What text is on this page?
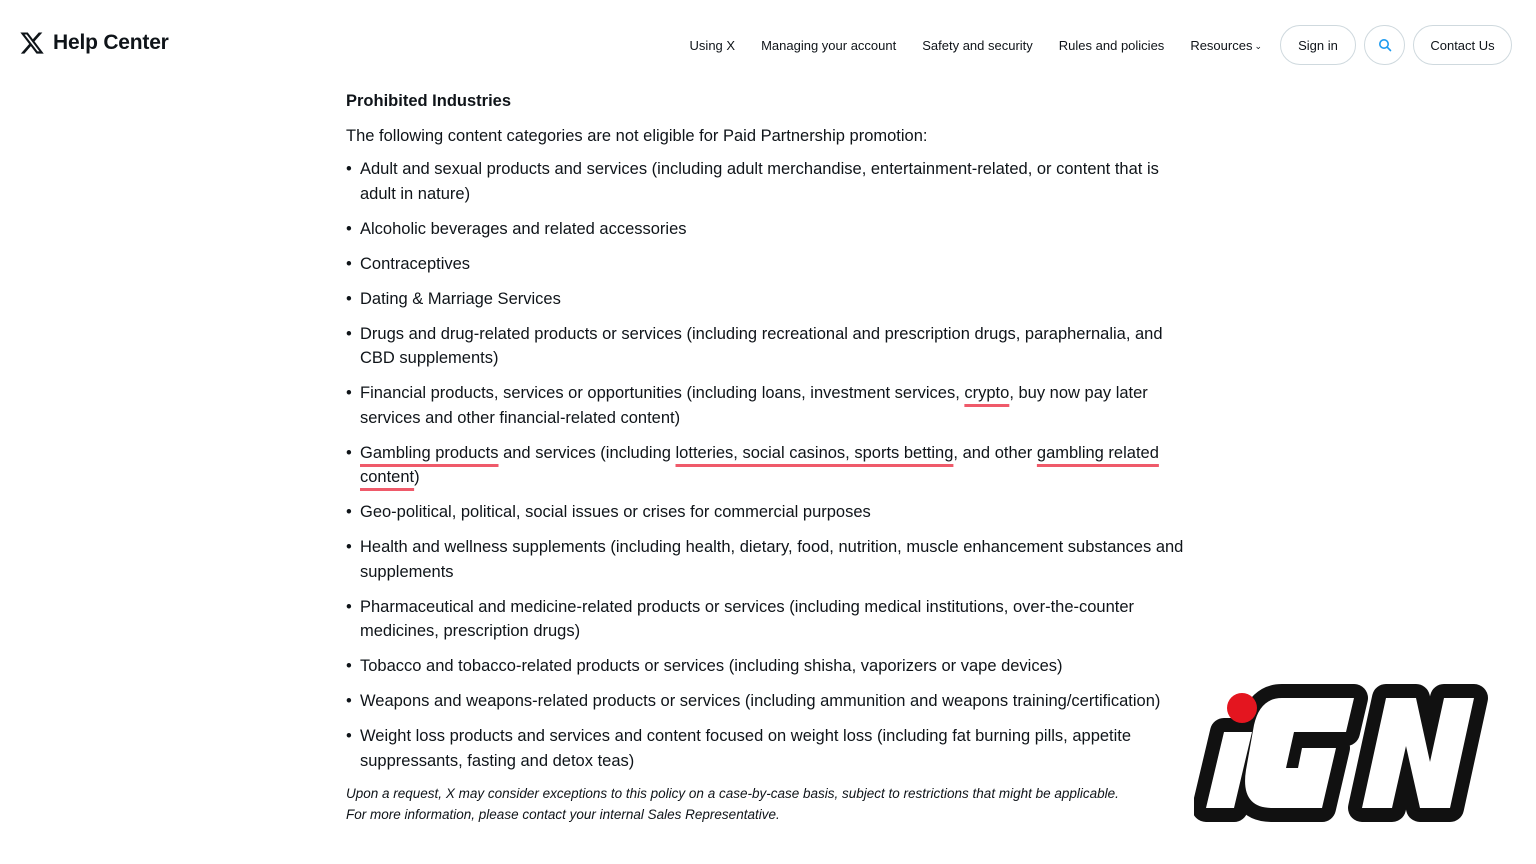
Help Center	Using X Managing your account Safety and security Rules and policies Resources ⌄	Sign in	Contact Us
Prohibited Industries

The following content categories are not eligible for Paid Partnership promotion:

• Adult and sexual products and services (including adult merchandise, entertainment-related, or content that is adult in nature)
• Alcoholic beverages and related accessories
• Contraceptives
• Dating & Marriage Services
• Drugs and drug-related products or services (including recreational and prescription drugs, paraphernalia, and CBD supplements)
• Financial products, services or opportunities (including loans, investment services, crypto, buy now pay later services and other financial-related content)
• Gambling products and services (including lotteries, social casinos, sports betting, and other gambling related content)
• Geo-political, political, social issues or crises for commercial purposes
• Health and wellness supplements (including health, dietary, food, nutrition, muscle enhancement substances and supplements
• Pharmaceutical and medicine-related products or services (including medical institutions, over-the-counter medicines, prescription drugs)
• Tobacco and tobacco-related products or services (including shisha, vaporizers or vape devices)
• Weapons and weapons-related products or services (including ammunition and weapons training/certification)
• Weight loss products and services and content focused on weight loss (including fat burning pills, appetite suppressants, fasting and detox teas)

Upon a request, X may consider exceptions to this policy on a case-by-case basis, subject to restrictions that might be applicable.
For more information, please contact your internal Sales Representative.
